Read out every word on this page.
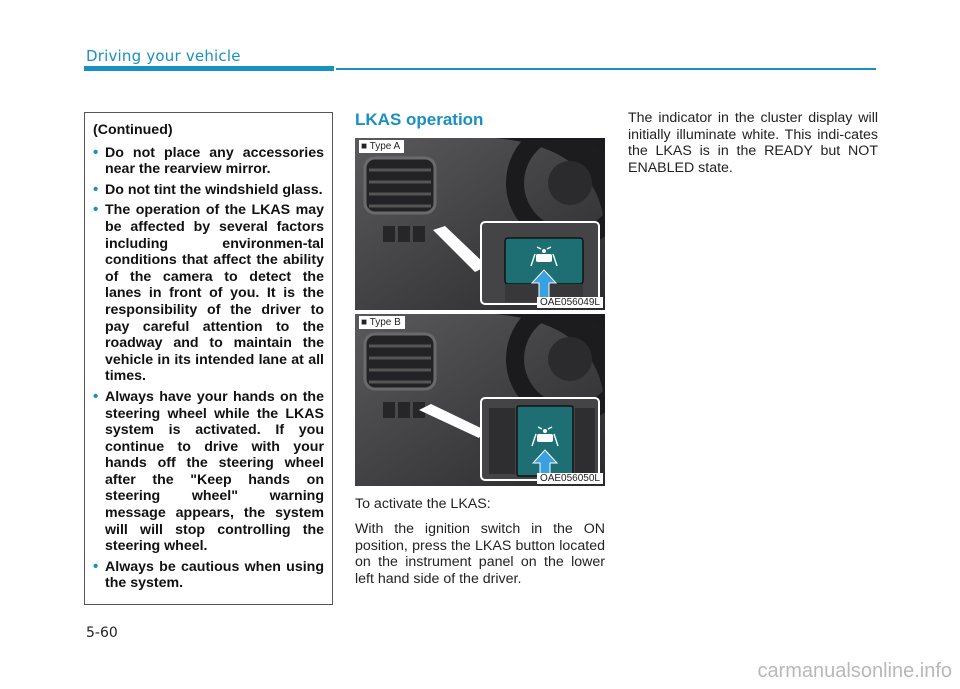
Driving your vehicle

(Continued)

• Do not place any accessories near the rearview mirror.
• Do not tint the windshield glass.
• The operation of the LKAS may be affected by several factors including environmen-tal conditions that affect the ability of the camera to detect the lanes in front of you. It is the responsibility of the driver to pay careful attention to the roadway and to maintain the vehicle in its intended lane at all times.
• Always have your hands on the steering wheel while the LKAS system is activated. If you continue to drive with your hands off the steering wheel after the "Keep hands on steering wheel" warning message appears, the system will will stop controlling the steering wheel.
• Always be cautious when using the system.
LKAS operation
■ Type A
OAE056049L
■ Type B
OAE056050L

To activate the LKAS:

With the ignition switch in the ON position, press the LKAS button located on the instrument panel on the lower left hand side of the driver.

The indicator in the cluster display will initially illuminate white. This indi-cates the LKAS is in the READY but NOT ENABLED state.

5-60
carmanualsonline.info
